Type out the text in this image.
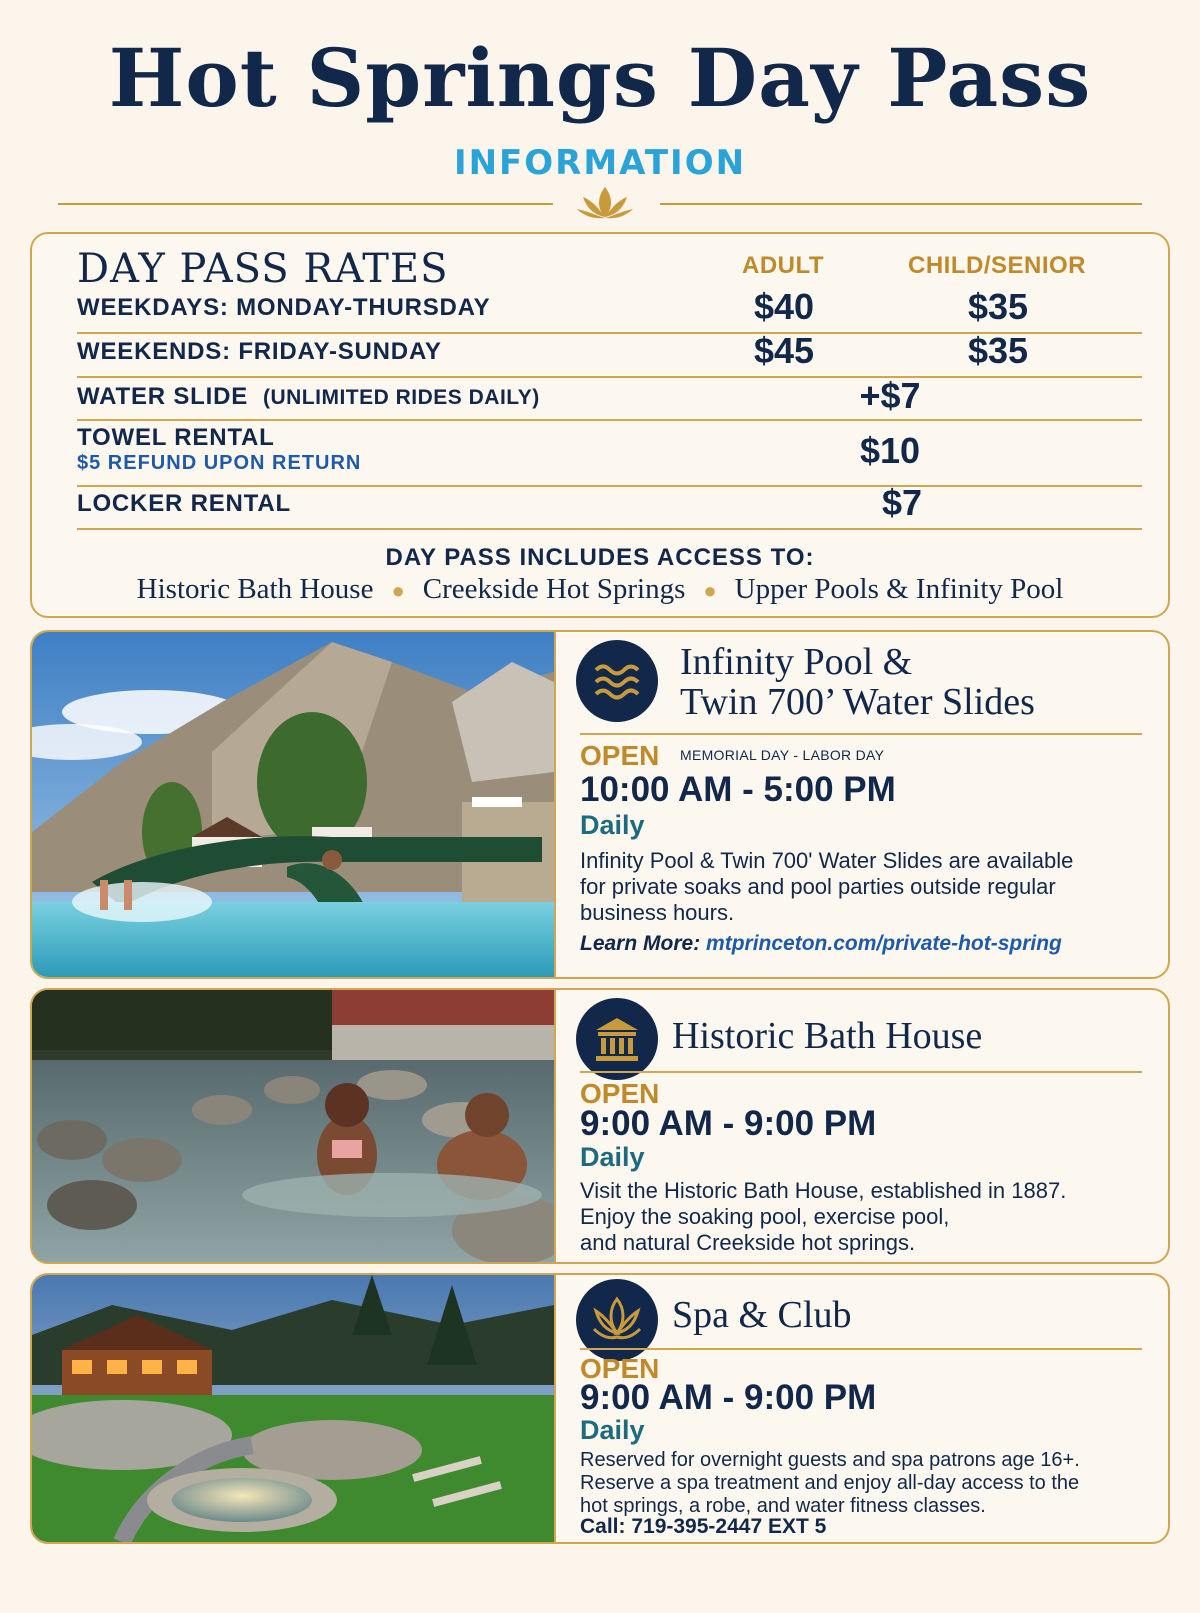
Hot Springs Day Pass
INFORMATION
DAY PASS RATES	ADULT	CHILD/SENIOR
WEEKDAYS: MONDAY-THURSDAY	$40	$35
WEEKENDS: FRIDAY-SUNDAY	$45	$35
WATER SLIDE (UNLIMITED RIDES DAILY)	+$7
TOWEL RENTAL
$5 REFUND UPON RETURN	$10
LOCKER RENTAL	$7
DAY PASS INCLUDES ACCESS TO:
Historic Bath House ● Creekside Hot Springs ● Upper Pools & Infinity Pool
Infinity Pool &
Twin 700’ Water Slides
OPEN MEMORIAL DAY - LABOR DAY
10:00 AM - 5:00 PM
Daily
Infinity Pool & Twin 700' Water Slides are available
for private soaks and pool parties outside regular
business hours.
Learn More: mtprinceton.com/private-hot-spring
Historic Bath House
OPEN
9:00 AM - 9:00 PM
Daily
Visit the Historic Bath House, established in 1887.
Enjoy the soaking pool, exercise pool,
and natural Creekside hot springs.
Spa & Club
OPEN
9:00 AM - 9:00 PM
Daily
Reserved for overnight guests and spa patrons age 16+.
Reserve a spa treatment and enjoy all-day access to the
hot springs, a robe, and water fitness classes.
Call: 719-395-2447 EXT 5
